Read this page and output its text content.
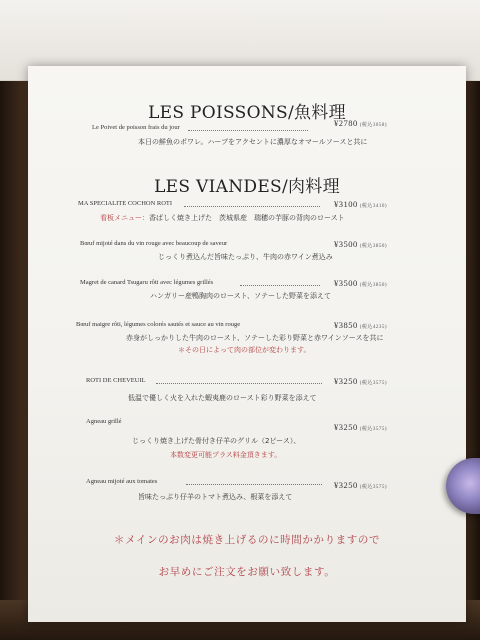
LES POISSONS/魚料理
Le Poivet de poisson frais du jour	¥2780 (税込3058)
本日の鮮魚のポワレ。ハーブをアクセントに濃厚なオマールソースと共に
LES VIANDES/肉料理
MA SPECIALITE COCHON ROTI	¥3100 (税込3410)
看板メニュー：香ばしく焼き上げた　茨城県産　瑞穂の芋豚の背肉のロースト
Bœuf mijoté dans du vin rouge avec beaucoup de saveur	¥3500 (税込3850)
じっくり煮込んだ旨味たっぷり、牛肉の赤ワイン煮込み
Magret de canard Tsugaru rôti avec légumes grillés	¥3500 (税込3850)
ハンガリー産鴨胸肉のロースト、ソテーした野菜を添えて
Bœuf maigre rôti, légumes colorés sautés et sauce au vin rouge	¥3850 (税込4235)
赤身がしっかりした牛肉のロースト、ソテーした彩り野菜と赤ワインソースを共に
＊その日によって肉の部位が変わります。
ROTI DE CHEVEUIL	¥3250 (税込3575)
低温で優しく火を入れた蝦夷鹿のロースト彩り野菜を添えて
Agneau grillé
¥3250 (税込3575)
じっくり焼き上げた骨付き仔羊のグリル（2ピース）、
本数変更可能プラス料金頂きます。
Agneau mijoté aux tomates	¥3250 (税込3575)
旨味たっぷり仔羊のトマト煮込み、根菜を添えて
＊メインのお肉は焼き上げるのに時間かかりますので
お早めにご注文をお願い致します。
